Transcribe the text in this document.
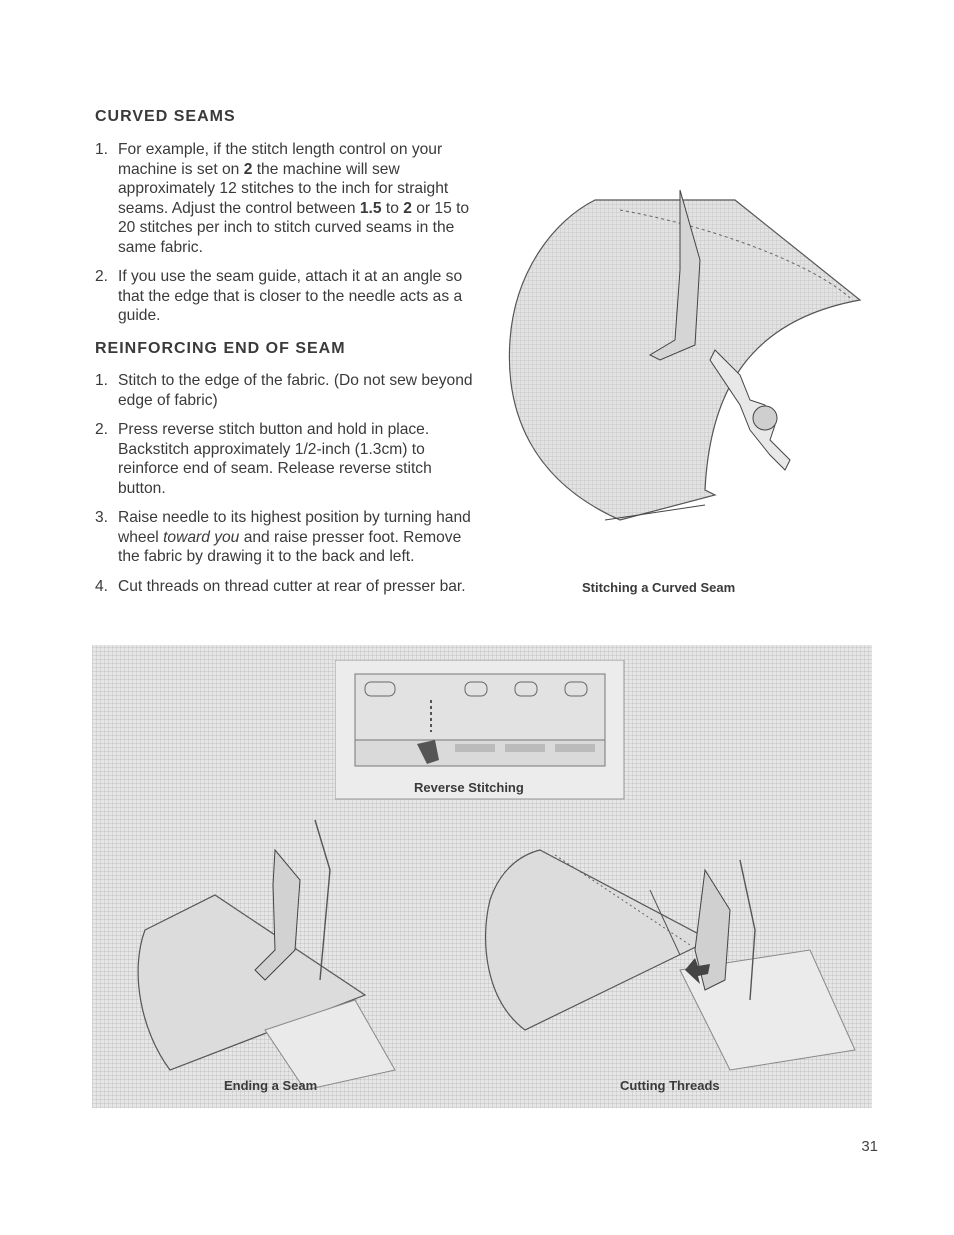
CURVED SEAMS
1. For example, if the stitch length control on your machine is set on 2 the machine will sew approximately 12 stitches to the inch for straight seams. Adjust the control between 1.5 to 2 or 15 to 20 stitches per inch to stitch curved seams in the same fabric.
2. If you use the seam guide, attach it at an angle so that the edge that is closer to the needle acts as a guide.
REINFORCING END OF SEAM
1. Stitch to the edge of the fabric. (Do not sew beyond edge of fabric)
2. Press reverse stitch button and hold in place. Backstitch approximately 1/2-inch (1.3cm) to reinforce end of seam. Release reverse stitch button.
3. Raise needle to its highest position by turning hand wheel toward you and raise presser foot. Remove the fabric by drawing it to the back and left.
4. Cut threads on thread cutter at rear of presser bar.	Stitching a Curved Seam
Reverse Stitching
Ending a Seam	Cutting Threads
31
